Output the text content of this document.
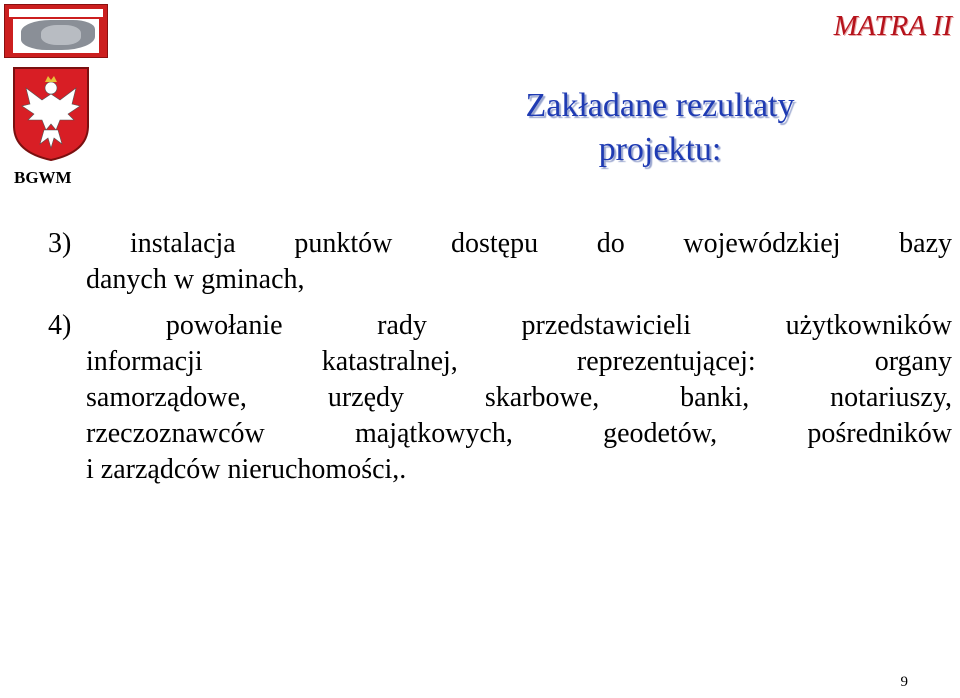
BGWM
MATRA II
Zakładane rezultaty
projektu:
3) instalacja punktów dostępu do wojewódzkiej bazy
danych w gminach,
4) powołanie rady przedstawicieli użytkowników
informacji katastralnej, reprezentującej: organy
samorządowe, urzędy skarbowe, banki, notariuszy,
rzeczoznawców majątkowych, geodetów, pośredników
i zarządców nieruchomości,.
9
